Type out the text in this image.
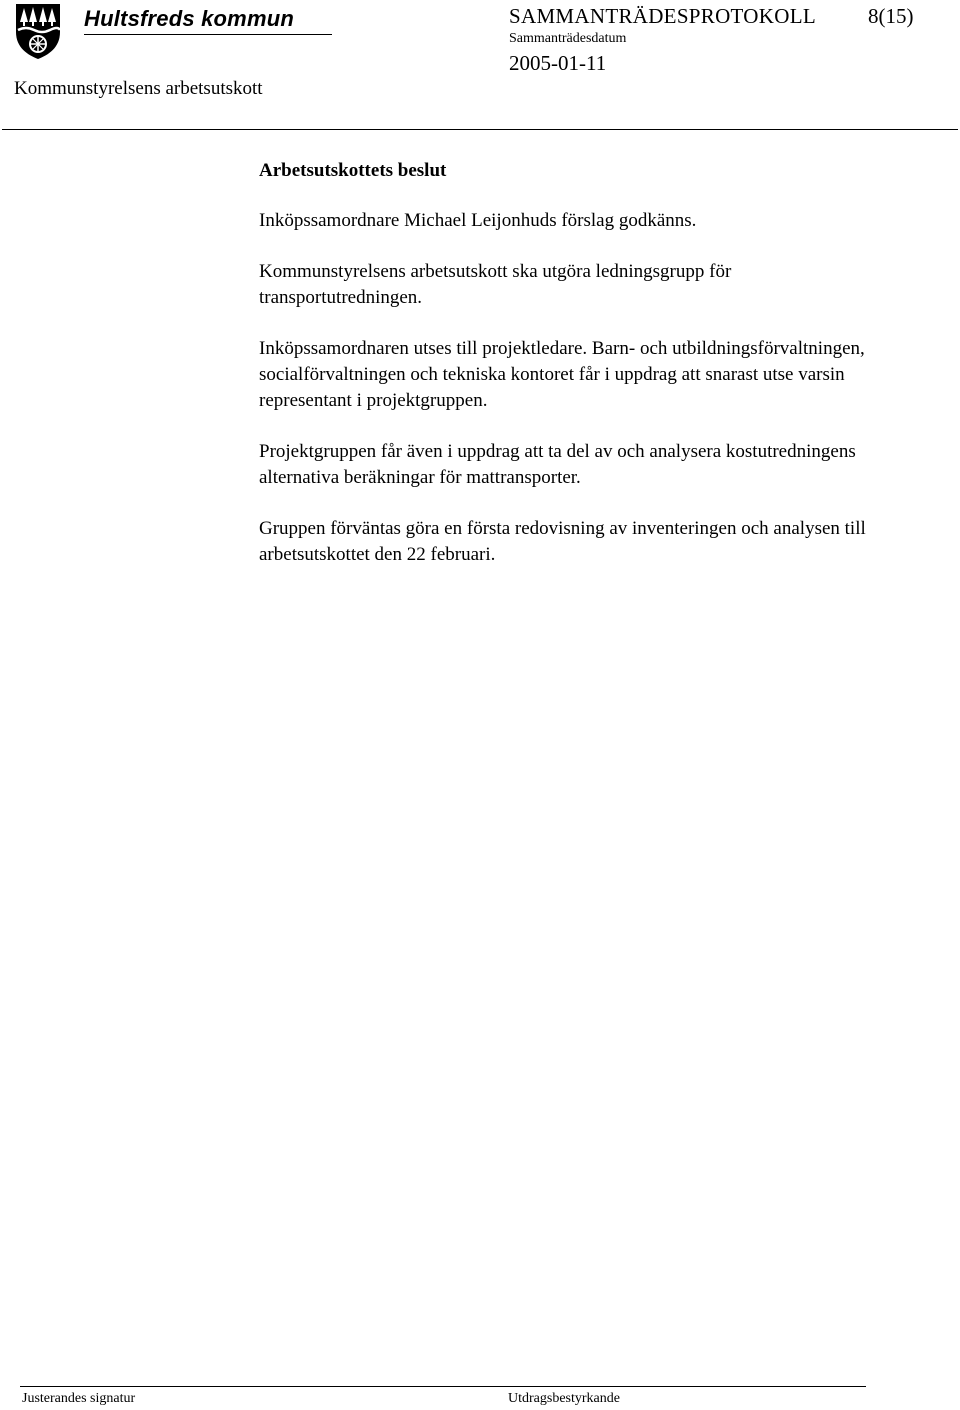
Hultsfreds kommun
Kommunstyrelsens arbetsutskott
SAMMANTRÄDESPROTOKOLL 8(15)
Sammanträdesdatum
2005-01-11

Arbetsutskottets beslut

Inköpssamordnare Michael Leijonhuds förslag godkänns.

Kommunstyrelsens arbetsutskott ska utgöra ledningsgrupp för transportutredningen.

Inköpssamordnaren utses till projektledare. Barn- och utbildningsförvaltningen, socialförvaltningen och tekniska kontoret får i uppdrag att snarast utse varsin representant i projektgruppen.

Projektgruppen får även i uppdrag att ta del av och analysera kostutredningens alternativa beräkningar för mattransporter.

Gruppen förväntas göra en första redovisning av inventeringen och analysen till arbetsutskottet den 22 februari.

Justerandes signatur	Utdragsbestyrkande
